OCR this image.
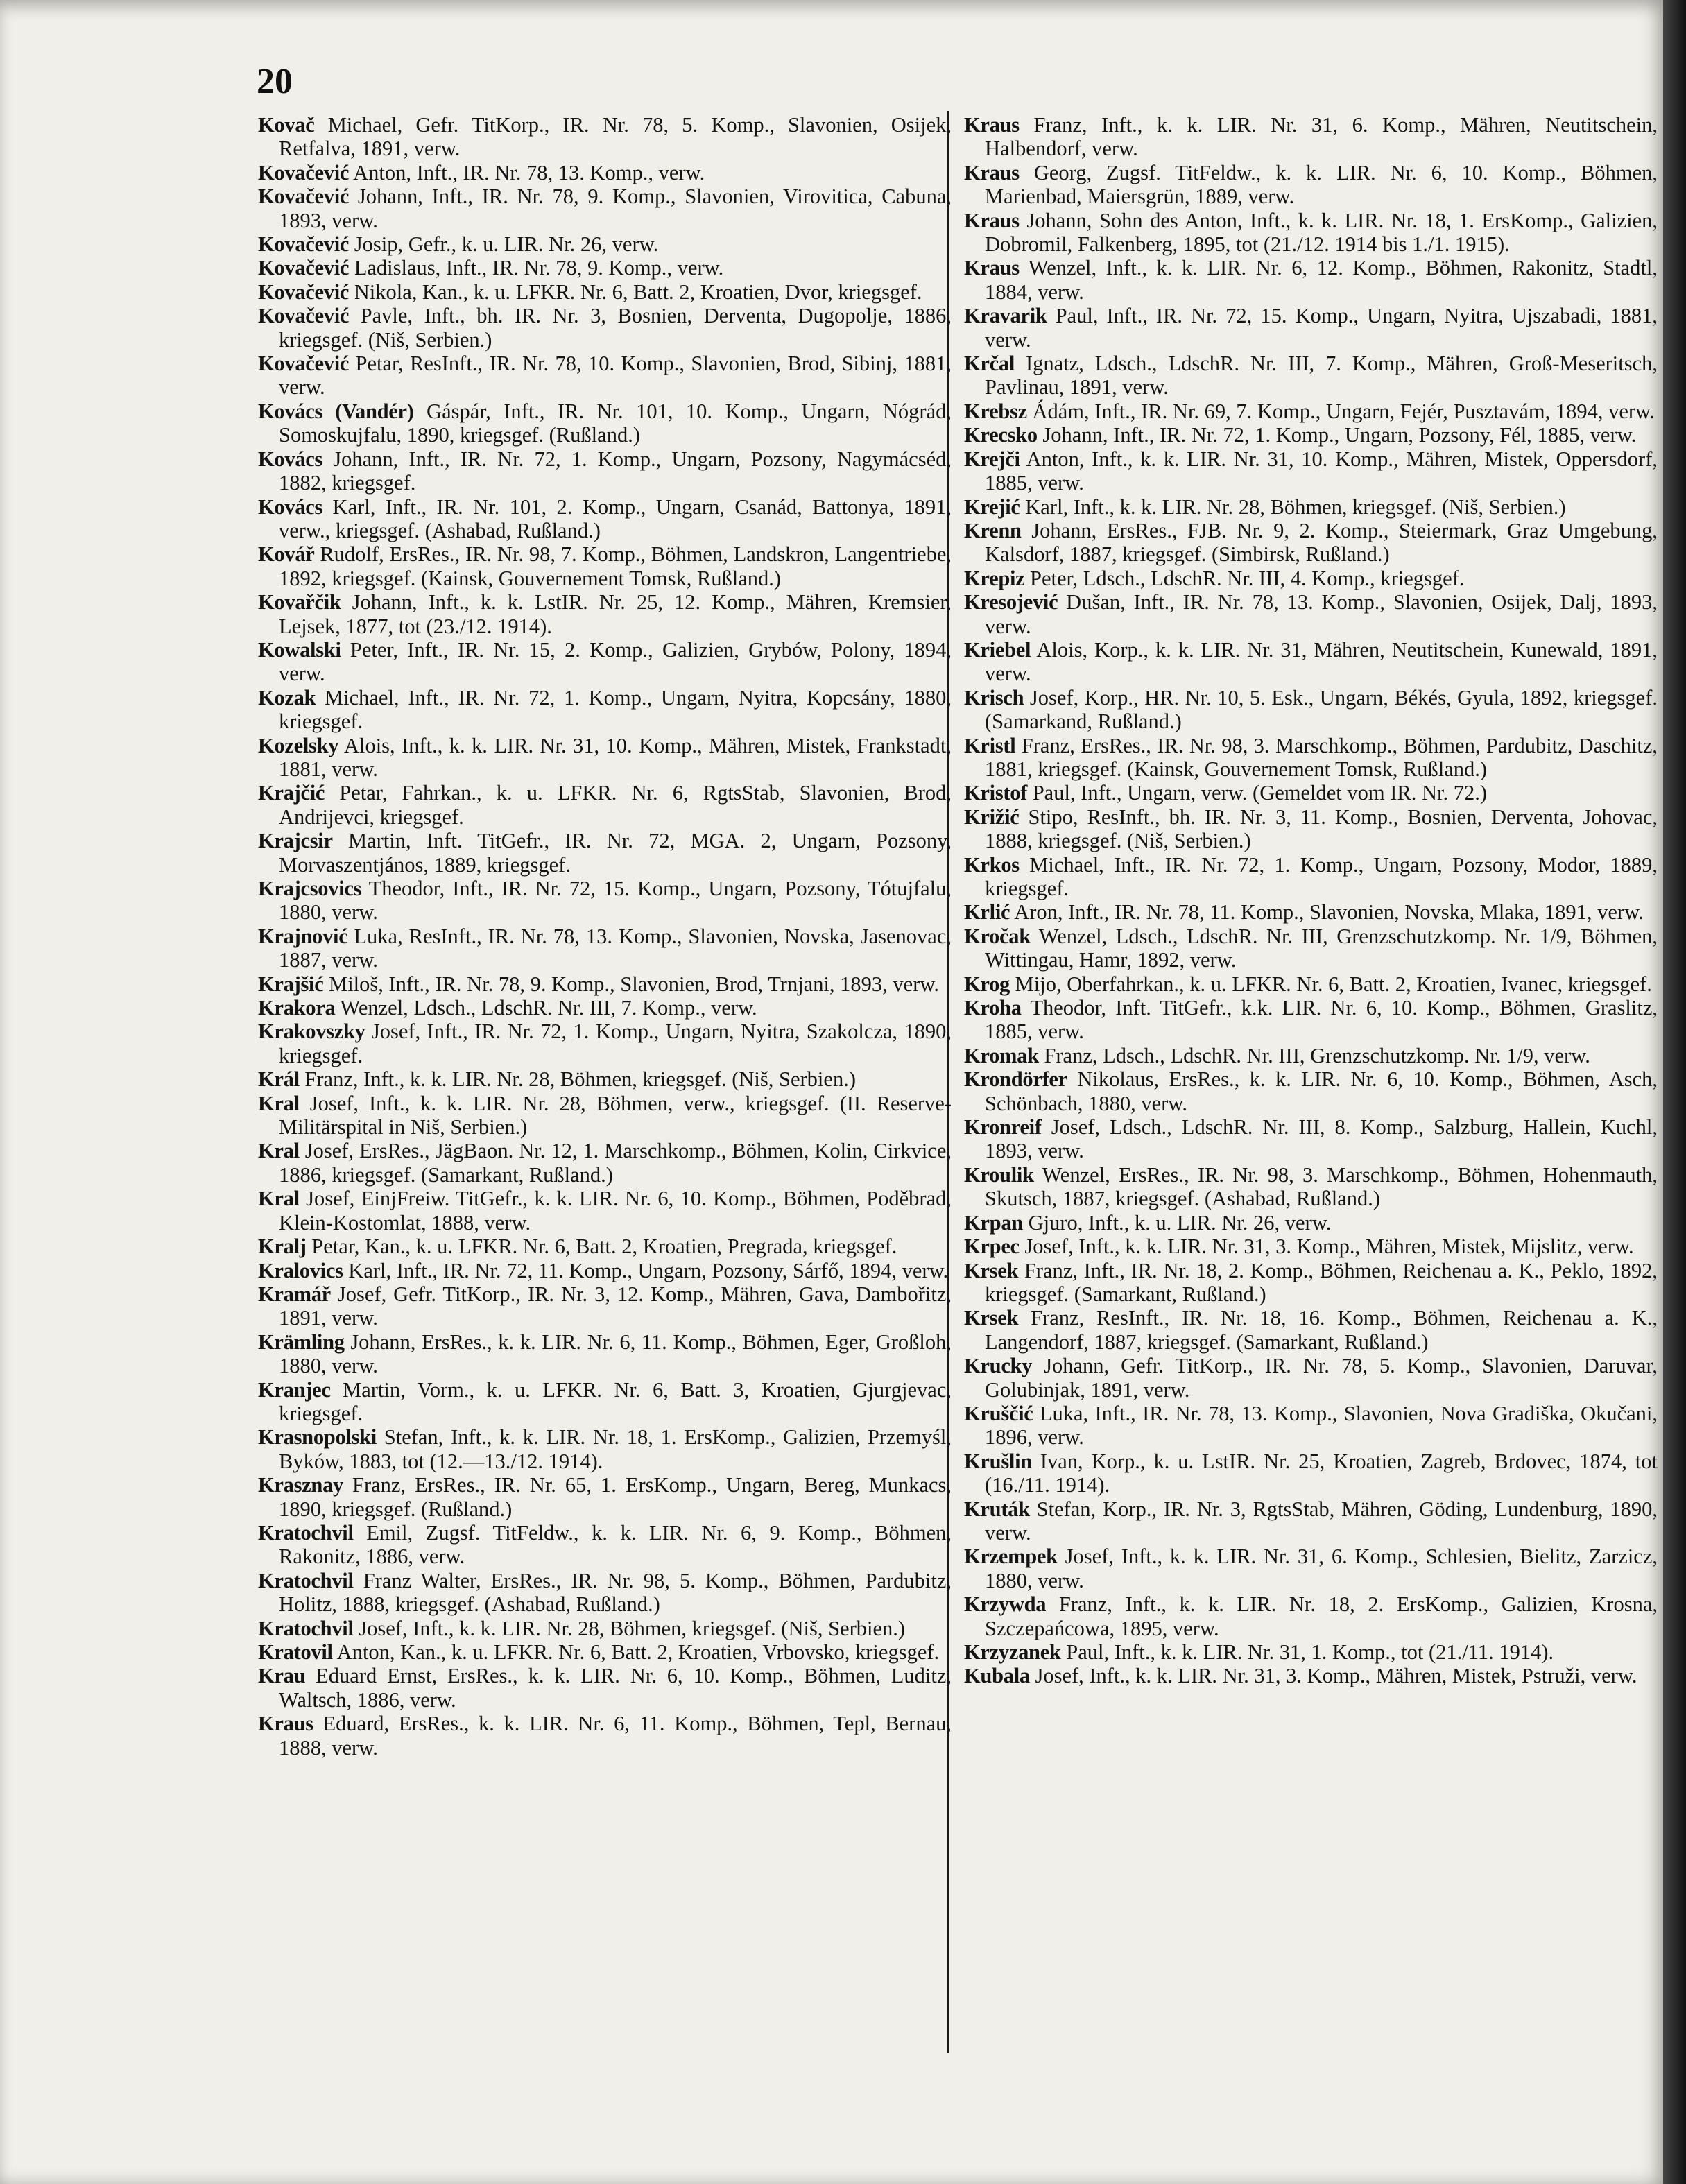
20

Kovač Michael, Gefr. TitKorp., IR. Nr. 78, 5. Komp., Slavonien, Osijek, Retfalva, 1891, verw.

Kovačević Anton, Inft., IR. Nr. 78, 13. Komp., verw.

Kovačević Johann, Inft., IR. Nr. 78, 9. Komp., Slavonien, Virovitica, Cabuna, 1893, verw.

Kovačević Josip, Gefr., k. u. LIR. Nr. 26, verw.

Kovačević Ladislaus, Inft., IR. Nr. 78, 9. Komp., verw.

Kovačević Nikola, Kan., k. u. LFKR. Nr. 6, Batt. 2, Kroatien, Dvor, kriegsgef.

Kovačević Pavle, Inft., bh. IR. Nr. 3, Bosnien, Derventa, Dugopolje, 1886, kriegsgef. (Niš, Serbien.)

Kovačević Petar, ResInft., IR. Nr. 78, 10. Komp., Slavonien, Brod, Sibinj, 1881, verw.

Kovács (Vandér) Gáspár, Inft., IR. Nr. 101, 10. Komp., Ungarn, Nógrád, Somoskujfalu, 1890, kriegsgef. (Rußland.)

Kovács Johann, Inft., IR. Nr. 72, 1. Komp., Ungarn, Pozsony, Nagymácséd, 1882, kriegsgef.

Kovács Karl, Inft., IR. Nr. 101, 2. Komp., Ungarn, Csanád, Battonya, 1891, verw., kriegsgef. (Ashabad, Rußland.)

Kovář Rudolf, ErsRes., IR. Nr. 98, 7. Komp., Böhmen, Landskron, Langentriebe, 1892, kriegsgef. (Kainsk, Gouvernement Tomsk, Rußland.)

Kovařčik Johann, Inft., k. k. LstIR. Nr. 25, 12. Komp., Mähren, Kremsier, Lejsek, 1877, tot (23./12. 1914).

Kowalski Peter, Inft., IR. Nr. 15, 2. Komp., Galizien, Grybów, Polony, 1894, verw.

Kozak Michael, Inft., IR. Nr. 72, 1. Komp., Ungarn, Nyitra, Kopcsány, 1880, kriegsgef.

Kozelsky Alois, Inft., k. k. LIR. Nr. 31, 10. Komp., Mähren, Mistek, Frankstadt, 1881, verw.

Krajčić Petar, Fahrkan., k. u. LFKR. Nr. 6, RgtsStab, Slavonien, Brod, Andrijevci, kriegsgef.

Krajcsir Martin, Inft. TitGefr., IR. Nr. 72, MGA. 2, Ungarn, Pozsony, Morvaszentjános, 1889, kriegsgef.

Krajcsovics Theodor, Inft., IR. Nr. 72, 15. Komp., Ungarn, Pozsony, Tótujfalu, 1880, verw.

Krajnović Luka, ResInft., IR. Nr. 78, 13. Komp., Slavonien, Novska, Jasenovac, 1887, verw.

Krajšić Miloš, Inft., IR. Nr. 78, 9. Komp., Slavonien, Brod, Trnjani, 1893, verw.

Krakora Wenzel, Ldsch., LdschR. Nr. III, 7. Komp., verw.

Krakovszky Josef, Inft., IR. Nr. 72, 1. Komp., Ungarn, Nyitra, Szakolcza, 1890, kriegsgef.

Král Franz, Inft., k. k. LIR. Nr. 28, Böhmen, kriegsgef. (Niš, Serbien.)

Kral Josef, Inft., k. k. LIR. Nr. 28, Böhmen, verw., kriegsgef. (II. Reserve-Militärspital in Niš, Serbien.)

Kral Josef, ErsRes., JägBaon. Nr. 12, 1. Marschkomp., Böhmen, Kolin, Cirkvice, 1886, kriegsgef. (Samarkant, Rußland.)

Kral Josef, EinjFreiw. TitGefr., k. k. LIR. Nr. 6, 10. Komp., Böhmen, Poděbrad, Klein-Kostomlat, 1888, verw.

Kralj Petar, Kan., k. u. LFKR. Nr. 6, Batt. 2, Kroatien, Pregrada, kriegsgef.

Kralovics Karl, Inft., IR. Nr. 72, 11. Komp., Ungarn, Pozsony, Sárfő, 1894, verw.

Kramář Josef, Gefr. TitKorp., IR. Nr. 3, 12. Komp., Mähren, Gava, Dambořitz, 1891, verw.

Krämling Johann, ErsRes., k. k. LIR. Nr. 6, 11. Komp., Böhmen, Eger, Großloh, 1880, verw.

Kranjec Martin, Vorm., k. u. LFKR. Nr. 6, Batt. 3, Kroatien, Gjurgjevac, kriegsgef.

Krasnopolski Stefan, Inft., k. k. LIR. Nr. 18, 1. ErsKomp., Galizien, Przemyśl, Byków, 1883, tot (12.—13./12. 1914).

Krasznay Franz, ErsRes., IR. Nr. 65, 1. ErsKomp., Ungarn, Bereg, Munkacs, 1890, kriegsgef. (Rußland.)

Kratochvil Emil, Zugsf. TitFeldw., k. k. LIR. Nr. 6, 9. Komp., Böhmen, Rakonitz, 1886, verw.

Kratochvil Franz Walter, ErsRes., IR. Nr. 98, 5. Komp., Böhmen, Pardubitz, Holitz, 1888, kriegsgef. (Ashabad, Rußland.)

Kratochvil Josef, Inft., k. k. LIR. Nr. 28, Böhmen, kriegsgef. (Niš, Serbien.)

Kratovil Anton, Kan., k. u. LFKR. Nr. 6, Batt. 2, Kroatien, Vrbovsko, kriegsgef.

Krau Eduard Ernst, ErsRes., k. k. LIR. Nr. 6, 10. Komp., Böhmen, Luditz, Waltsch, 1886, verw.

Kraus Eduard, ErsRes., k. k. LIR. Nr. 6, 11. Komp., Böhmen, Tepl, Bernau, 1888, verw.

Kraus Franz, Inft., k. k. LIR. Nr. 31, 6. Komp., Mähren, Neutitschein, Halbendorf, verw.

Kraus Georg, Zugsf. TitFeldw., k. k. LIR. Nr. 6, 10. Komp., Böhmen, Marienbad, Maiersgrün, 1889, verw.

Kraus Johann, Sohn des Anton, Inft., k. k. LIR. Nr. 18, 1. ErsKomp., Galizien, Dobromil, Falkenberg, 1895, tot (21./12. 1914 bis 1./1. 1915).

Kraus Wenzel, Inft., k. k. LIR. Nr. 6, 12. Komp., Böhmen, Rakonitz, Stadtl, 1884, verw.

Kravarik Paul, Inft., IR. Nr. 72, 15. Komp., Ungarn, Nyitra, Ujszabadi, 1881, verw.

Krčal Ignatz, Ldsch., LdschR. Nr. III, 7. Komp., Mähren, Groß-Meseritsch, Pavlinau, 1891, verw.

Krebsz Ádám, Inft., IR. Nr. 69, 7. Komp., Ungarn, Fejér, Pusztavám, 1894, verw.

Krecsko Johann, Inft., IR. Nr. 72, 1. Komp., Ungarn, Pozsony, Fél, 1885, verw.

Krejči Anton, Inft., k. k. LIR. Nr. 31, 10. Komp., Mähren, Mistek, Oppersdorf, 1885, verw.

Krejić Karl, Inft., k. k. LIR. Nr. 28, Böhmen, kriegsgef. (Niš, Serbien.)

Krenn Johann, ErsRes., FJB. Nr. 9, 2. Komp., Steiermark, Graz Umgebung, Kalsdorf, 1887, kriegsgef. (Simbirsk, Rußland.)

Krepiz Peter, Ldsch., LdschR. Nr. III, 4. Komp., kriegsgef.

Kresojević Dušan, Inft., IR. Nr. 78, 13. Komp., Slavonien, Osijek, Dalj, 1893, verw.

Kriebel Alois, Korp., k. k. LIR. Nr. 31, Mähren, Neutitschein, Kunewald, 1891, verw.

Krisch Josef, Korp., HR. Nr. 10, 5. Esk., Ungarn, Békés, Gyula, 1892, kriegsgef. (Samarkand, Rußland.)

Kristl Franz, ErsRes., IR. Nr. 98, 3. Marschkomp., Böhmen, Pardubitz, Daschitz, 1881, kriegsgef. (Kainsk, Gouvernement Tomsk, Rußland.)

Kristof Paul, Inft., Ungarn, verw. (Gemeldet vom IR. Nr. 72.)

Križić Stipo, ResInft., bh. IR. Nr. 3, 11. Komp., Bosnien, Derventa, Johovac, 1888, kriegsgef. (Niš, Serbien.)

Krkos Michael, Inft., IR. Nr. 72, 1. Komp., Ungarn, Pozsony, Modor, 1889, kriegsgef.

Krlić Aron, Inft., IR. Nr. 78, 11. Komp., Slavonien, Novska, Mlaka, 1891, verw.

Kročak Wenzel, Ldsch., LdschR. Nr. III, Grenzschutzkomp. Nr. 1/9, Böhmen, Wittingau, Hamr, 1892, verw.

Krog Mijo, Oberfahrkan., k. u. LFKR. Nr. 6, Batt. 2, Kroatien, Ivanec, kriegsgef.

Kroha Theodor, Inft. TitGefr., k.k. LIR. Nr. 6, 10. Komp., Böhmen, Graslitz, 1885, verw.

Kromak Franz, Ldsch., LdschR. Nr. III, Grenzschutzkomp. Nr. 1/9, verw.

Krondörfer Nikolaus, ErsRes., k. k. LIR. Nr. 6, 10. Komp., Böhmen, Asch, Schönbach, 1880, verw.

Kronreif Josef, Ldsch., LdschR. Nr. III, 8. Komp., Salzburg, Hallein, Kuchl, 1893, verw.

Kroulik Wenzel, ErsRes., IR. Nr. 98, 3. Marschkomp., Böhmen, Hohenmauth, Skutsch, 1887, kriegsgef. (Ashabad, Rußland.)

Krpan Gjuro, Inft., k. u. LIR. Nr. 26, verw.

Krpec Josef, Inft., k. k. LIR. Nr. 31, 3. Komp., Mähren, Mistek, Mijslitz, verw.

Krsek Franz, Inft., IR. Nr. 18, 2. Komp., Böhmen, Reichenau a. K., Peklo, 1892, kriegsgef. (Samarkant, Rußland.)

Krsek Franz, ResInft., IR. Nr. 18, 16. Komp., Böhmen, Reichenau a. K., Langendorf, 1887, kriegsgef. (Samarkant, Rußland.)

Krucky Johann, Gefr. TitKorp., IR. Nr. 78, 5. Komp., Slavonien, Daruvar, Golubinjak, 1891, verw.

Kruščić Luka, Inft., IR. Nr. 78, 13. Komp., Slavonien, Nova Gradiška, Okučani, 1896, verw.

Krušlin Ivan, Korp., k. u. LstIR. Nr. 25, Kroatien, Zagreb, Brdovec, 1874, tot (16./11. 1914).

Kruták Stefan, Korp., IR. Nr. 3, RgtsStab, Mähren, Göding, Lundenburg, 1890, verw.

Krzempek Josef, Inft., k. k. LIR. Nr. 31, 6. Komp., Schlesien, Bielitz, Zarzicz, 1880, verw.

Krzywda Franz, Inft., k. k. LIR. Nr. 18, 2. ErsKomp., Galizien, Krosna, Szczepańcowa, 1895, verw.

Krzyzanek Paul, Inft., k. k. LIR. Nr. 31, 1. Komp., tot (21./11. 1914).

Kubala Josef, Inft., k. k. LIR. Nr. 31, 3. Komp., Mähren, Mistek, Pstruži, verw.
